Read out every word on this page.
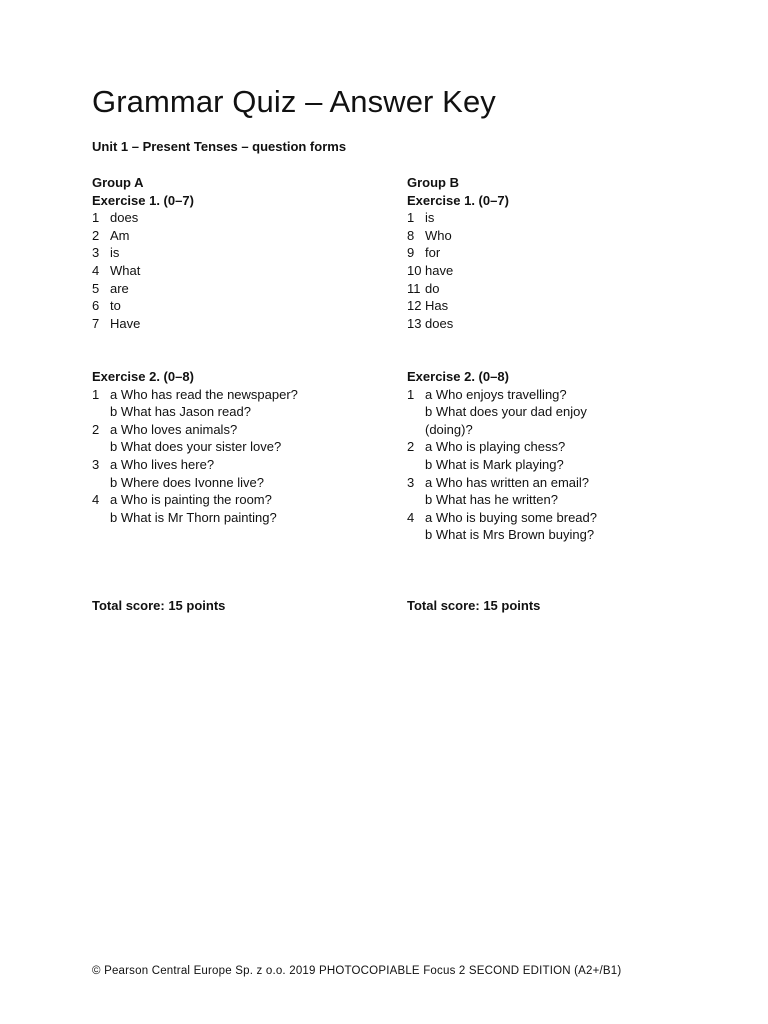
Grammar Quiz – Answer Key
Unit 1 – Present Tenses – question forms
Group A
Exercise 1. (0–7)
1 does
2 Am
3 is
4 What
5 are
6 to
7 Have
Group B
Exercise 1. (0–7)
1 is
8 Who
9 for
10 have
11 do
12 Has
13 does
Exercise 2. (0–8)
1 a Who has read the newspaper?
b What has Jason read?
2 a Who loves animals?
b What does your sister love?
3 a Who lives here?
b Where does Ivonne live?
4 a Who is painting the room?
b What is Mr Thorn painting?
Exercise 2. (0–8)
1 a Who enjoys travelling?
b What does your dad enjoy
(doing)?
2 a Who is playing chess?
b What is Mark playing?
3 a Who has written an email?
b What has he written?
4 a Who is buying some bread?
b What is Mrs Brown buying?
Total score: 15 points	Total score: 15 points
© Pearson Central Europe Sp. z o.o. 2019 PHOTOCOPIABLE Focus 2 SECOND EDITION (A2+/B1)
